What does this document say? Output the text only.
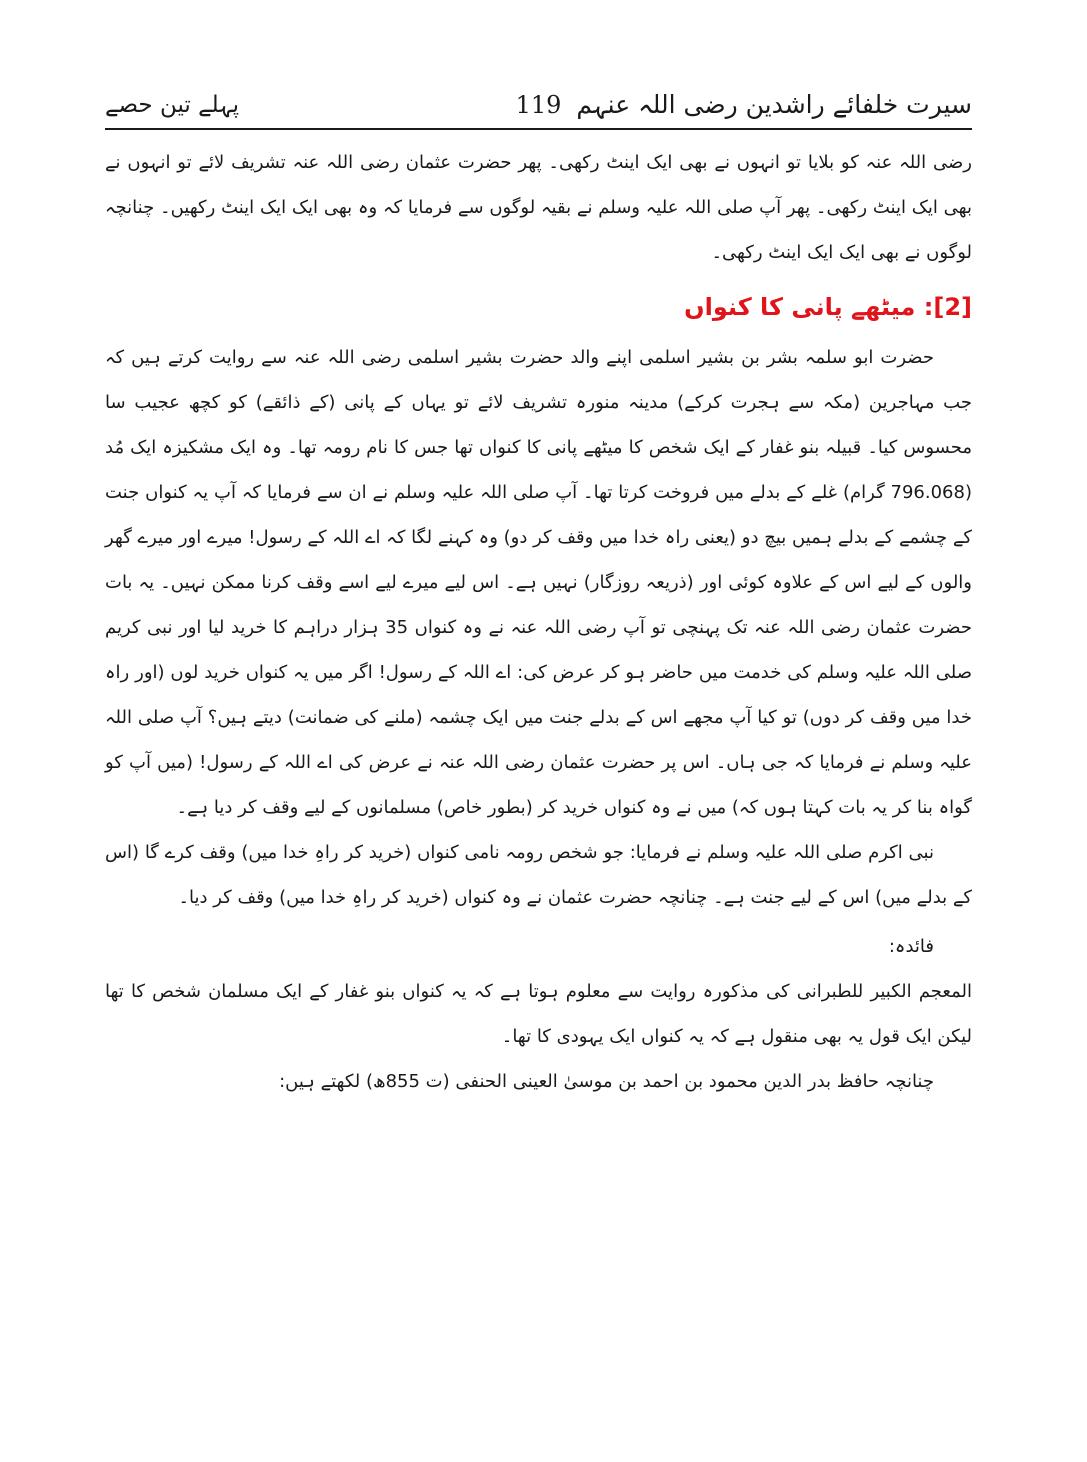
سیرت خلفائے راشدین رضی اللہ عنہم
119
پہلے تین حصے

رضی اللہ عنہ کو بلایا تو انہوں نے بھی ایک اینٹ رکھی۔ پھر حضرت عثمان رضی اللہ عنہ تشریف لائے تو انہوں نے بھی ایک اینٹ رکھی۔ پھر آپ صلی اللہ علیہ وسلم نے بقیہ لوگوں سے فرمایا کہ وہ بھی ایک ایک اینٹ رکھیں۔ چنانچہ لوگوں نے بھی ایک ایک اینٹ رکھی۔

[2]: میٹھے پانی کا کنواں

حضرت ابو سلمہ بشر بن بشیر اسلمی اپنے والد حضرت بشیر اسلمی رضی اللہ عنہ سے روایت کرتے ہیں کہ جب مہاجرین (مکہ سے ہجرت کرکے) مدینہ منورہ تشریف لائے تو یہاں کے پانی (کے ذائقے) کو کچھ عجیب سا محسوس کیا۔ قبیلہ بنو غفار کے ایک شخص کا میٹھے پانی کا کنواں تھا جس کا نام رومہ تھا۔ وہ ایک مشکیزہ ایک مُد (796.068 گرام) غلے کے بدلے میں فروخت کرتا تھا۔ آپ صلی اللہ علیہ وسلم نے ان سے فرمایا کہ آپ یہ کنواں جنت کے چشمے کے بدلے ہمیں بیچ دو (یعنی راہ خدا میں وقف کر دو) وہ کہنے لگا کہ اے اللہ کے رسول! میرے اور میرے گھر والوں کے لیے اس کے علاوہ کوئی اور (ذریعہ روزگار) نہیں ہے۔ اس لیے میرے لیے اسے وقف کرنا ممکن نہیں۔ یہ بات حضرت عثمان رضی اللہ عنہ تک پہنچی تو آپ رضی اللہ عنہ نے وہ کنواں 35 ہزار دراہم کا خرید لیا اور نبی کریم صلی اللہ علیہ وسلم کی خدمت میں حاضر ہو کر عرض کی: اے اللہ کے رسول! اگر میں یہ کنواں خرید لوں (اور راہ خدا میں وقف کر دوں) تو کیا آپ مجھے اس کے بدلے جنت میں ایک چشمہ (ملنے کی ضمانت) دیتے ہیں؟ آپ صلی اللہ علیہ وسلم نے فرمایا کہ جی ہاں۔ اس پر حضرت عثمان رضی اللہ عنہ نے عرض کی اے اللہ کے رسول! (میں آپ کو گواہ بنا کر یہ بات کہتا ہوں کہ) میں نے وہ کنواں خرید کر (بطور خاص) مسلمانوں کے لیے وقف کر دیا ہے۔

نبی اکرم صلی اللہ علیہ وسلم نے فرمایا: جو شخص رومہ نامی کنواں (خرید کر راہِ خدا میں) وقف کرے گا (اس کے بدلے میں) اس کے لیے جنت ہے۔ چنانچہ حضرت عثمان نے وہ کنواں (خرید کر راہِ خدا میں) وقف کر دیا۔

فائدہ:

المعجم الکبیر للطبرانی کی مذکورہ روایت سے معلوم ہوتا ہے کہ یہ کنواں بنو غفار کے ایک مسلمان شخص کا تھا لیکن ایک قول یہ بھی منقول ہے کہ یہ کنواں ایک یہودی کا تھا۔

چنانچہ حافظ بدر الدین محمود بن احمد بن موسیٰ العینی الحنفی (ت 855ھ) لکھتے ہیں:
